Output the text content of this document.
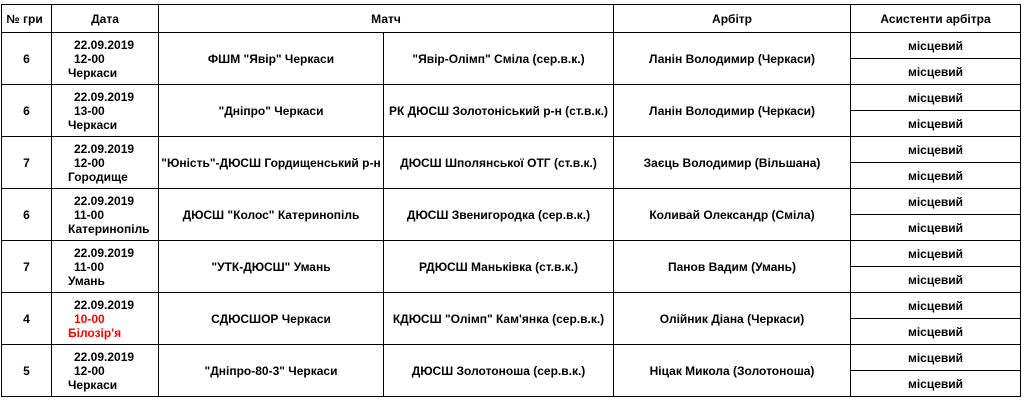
№ гри	Дата	Матч		Арбітр	Асистенти арбітра
6	22.09.2019
12-00
Черкаси	ФШМ "Явір" Черкаси	"Явір-Олімп" Сміла (сер.в.к.)	Ланін Володимир (Черкаси)	місцевий
					місцевий
6	22.09.2019
13-00
Черкаси	"Дніпро" Черкаси	РК ДЮСШ Золотоніський р-н (ст.в.к.)	Ланін Володимир (Черкаси)	місцевий
					місцевий
7	22.09.2019
12-00
Городище	"Юність"-ДЮСШ Гордищенський р-н	ДЮСШ Шполянської ОТГ (ст.в.к.)	Заєць Володимир (Вільшана)	місцевий
					місцевий
6	22.09.2019
11-00
Катеринопіль	ДЮСШ "Колос" Катеринопіль	ДЮСШ Звенигородка (сер.в.к.)	Коливай Олександр (Сміла)	місцевий
					місцевий
7	22.09.2019
11-00
Умань	"УТК-ДЮСШ" Умань	РДЮСШ Маньківка (ст.в.к.)	Панов Вадим (Умань)	місцевий
					місцевий
4	22.09.2019
10-00
Білозір'я	СДЮСШОР Черкаси	КДЮСШ "Олімп" Кам'янка (сер.в.к.)	Олійник Діана (Черкаси)	місцевий
					місцевий
5	22.09.2019
12-00
Черкаси	"Дніпро-80-3" Черкаси	ДЮСШ Золотоноша (сер.в.к.)	Ніцак Микола (Золотоноша)	місцевий
					місцевий
